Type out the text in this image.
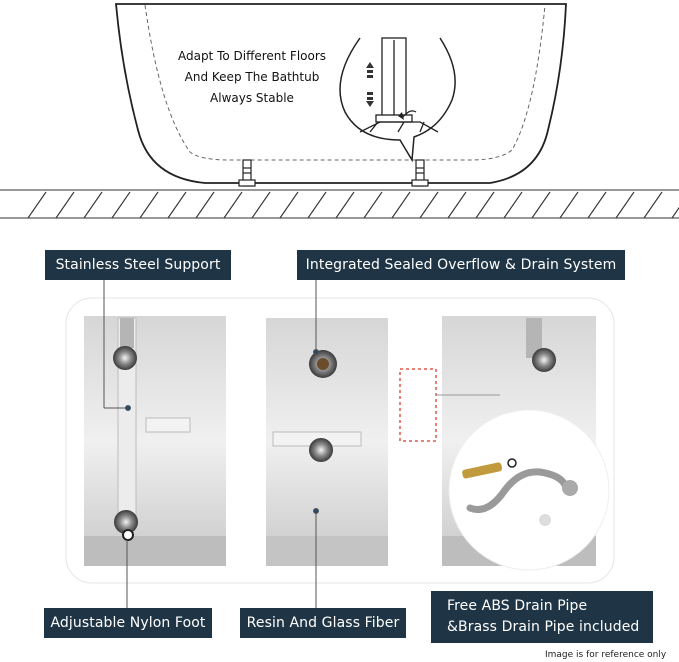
Adapt To Different Floors
And Keep The Bathtub
Always Stable
Stainless Steel Support	Integrated Sealed Overflow & Drain System
Adjustable Nylon Foot	Resin And Glass Fiber
Free ABS Drain Pipe
&Brass Drain Pipe included
Image is for reference only
